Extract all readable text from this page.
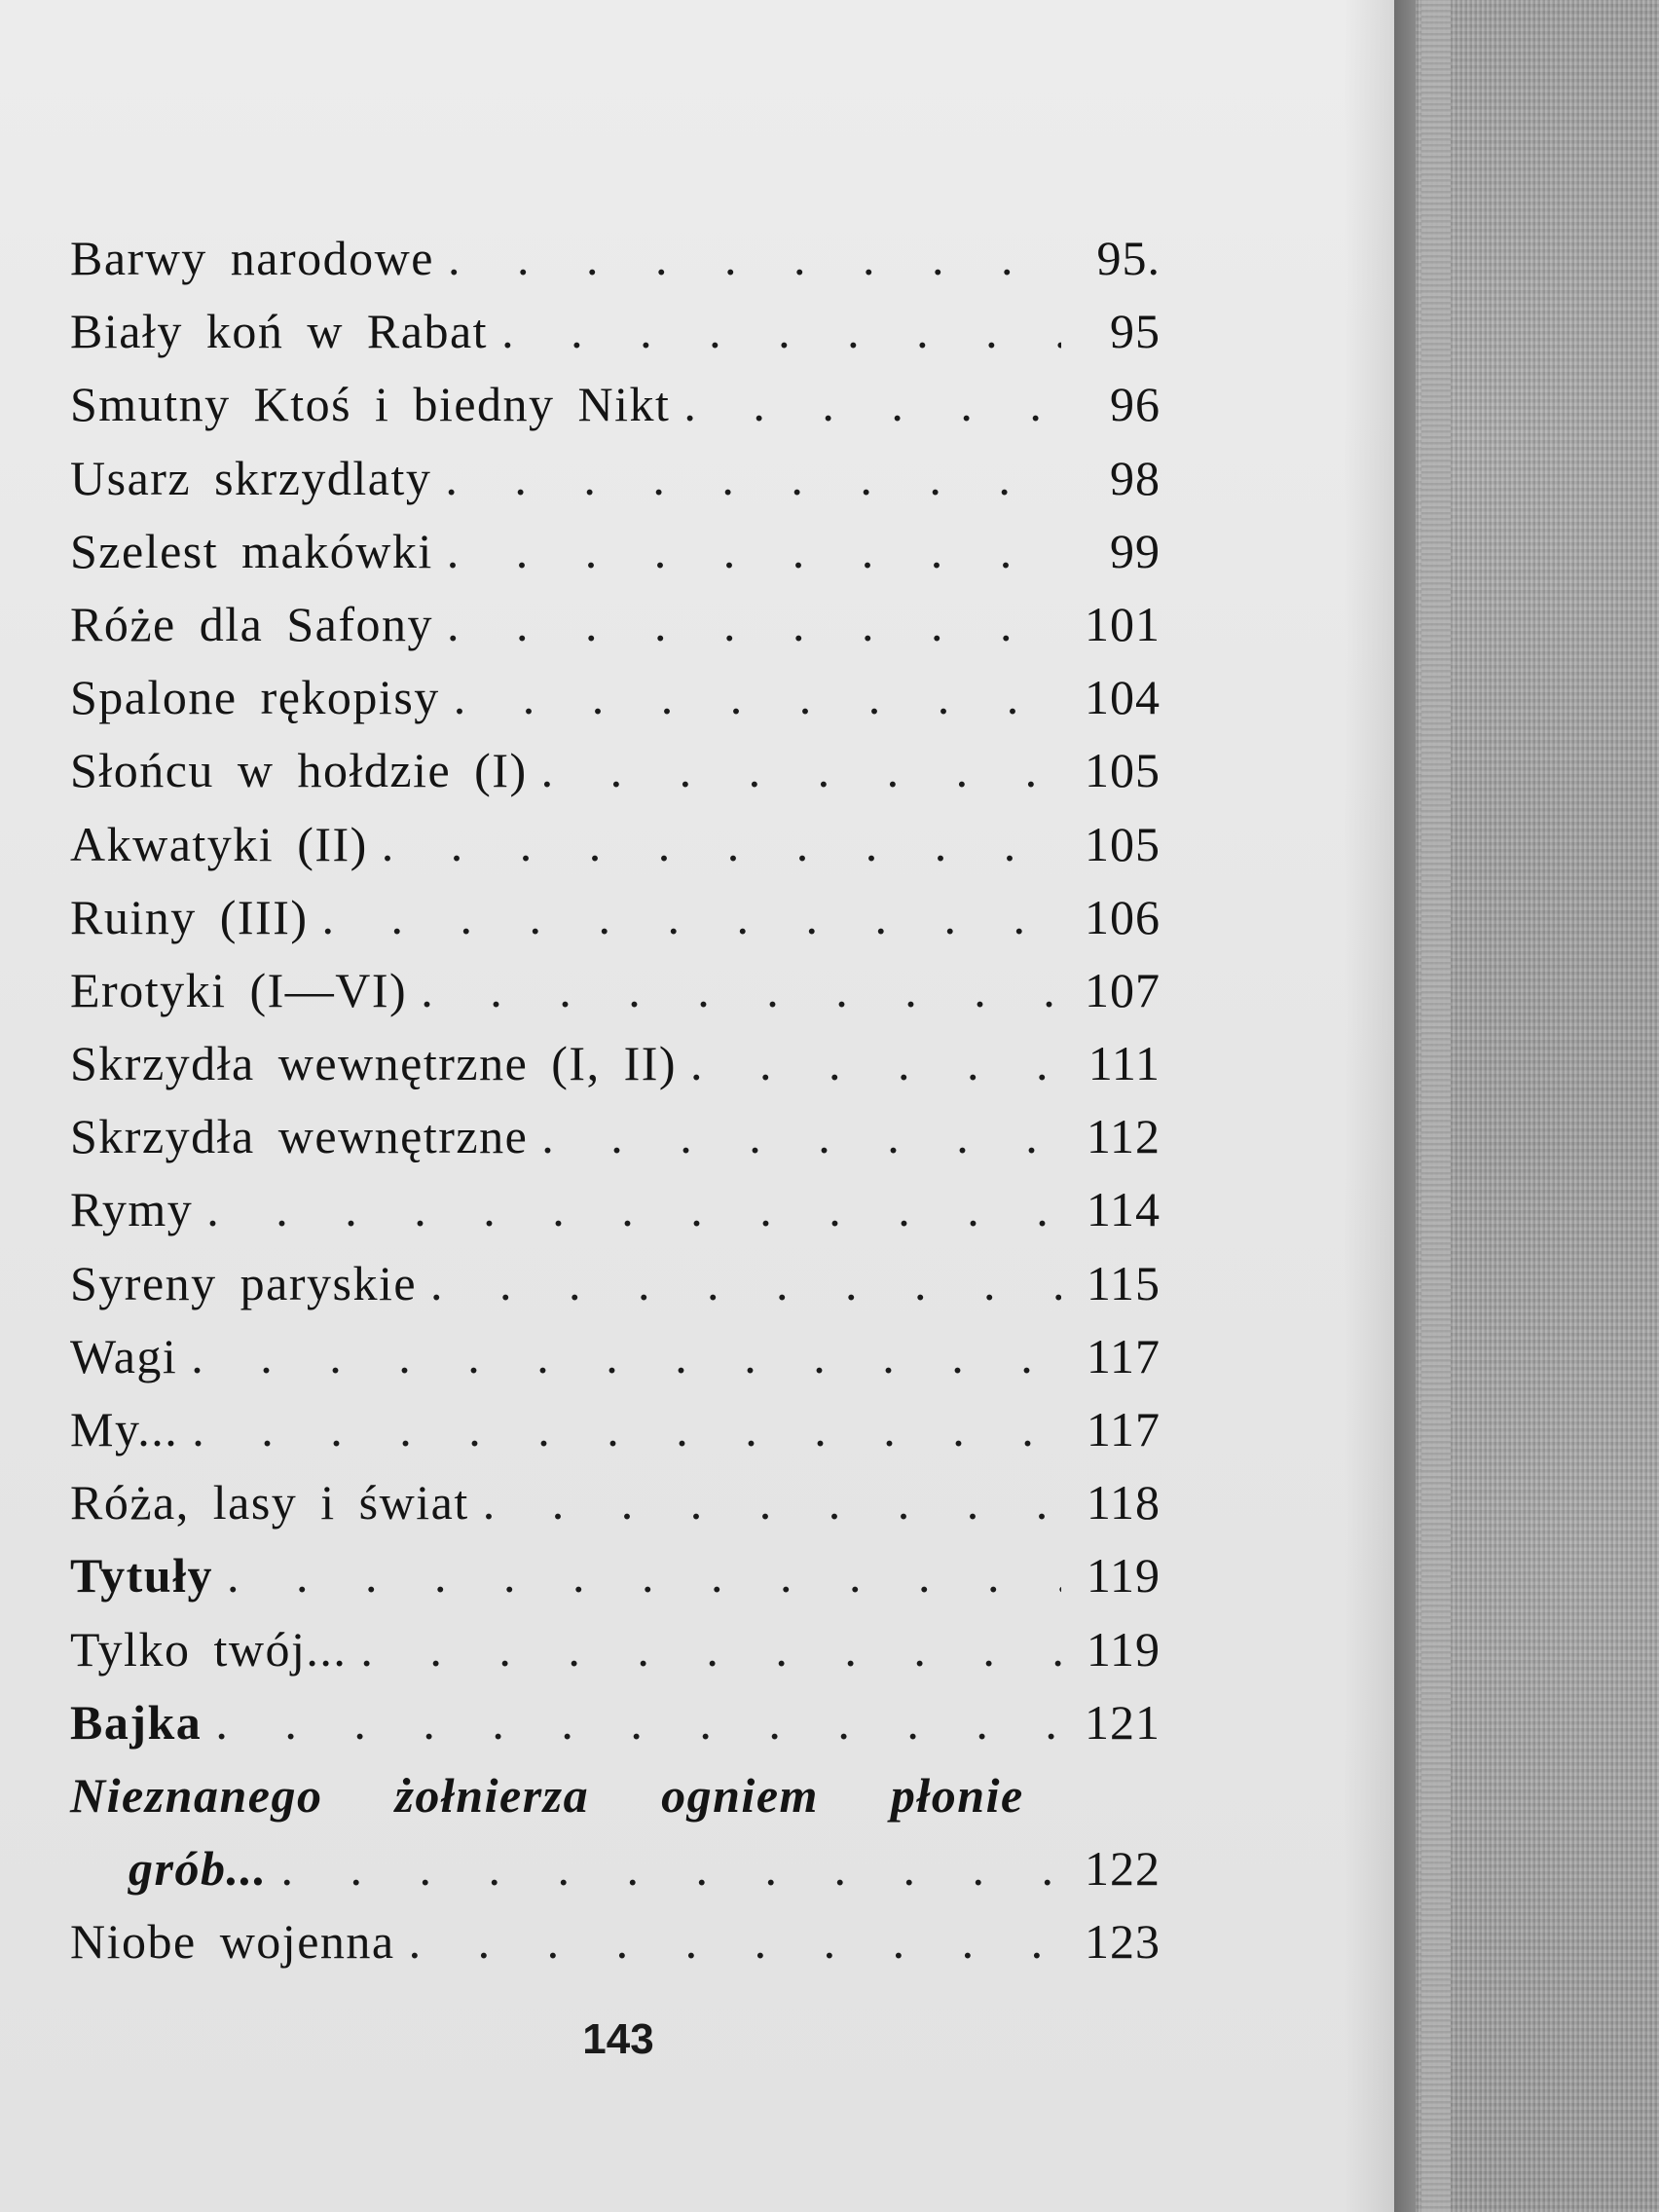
Barwy narodowe . . .	95.
Biały koń w Rabat . . .	95
Smutny Ktoś i biedny Nikt . . .	96
Usarz skrzydlaty . . .	98
Szelest makówki . . .	99
Róże dla Safony . . .	101
Spalone rękopisy . . .	104
Słońcu w hołdzie (I) . . .	105
Akwatyki (II) . . .	105
Ruiny (III) . . .	106
Erotyki (I—VI) . . .	107
Skrzydła wewnętrzne (I, II) . . .	111
Skrzydła wewnętrzne . . .	112
Rymy . . .	114
Syreny paryskie . . .	115
Wagi . . .	117
My... . . .	117
Róża, lasy i świat . . .	118
Tytuły . . .	119
Tylko twój... . . .	119
Bajka . . .	121
Nieznanego żołnierza ogniem płonie
grób... . . .	122
Niobe wojenna . . .	123
143
